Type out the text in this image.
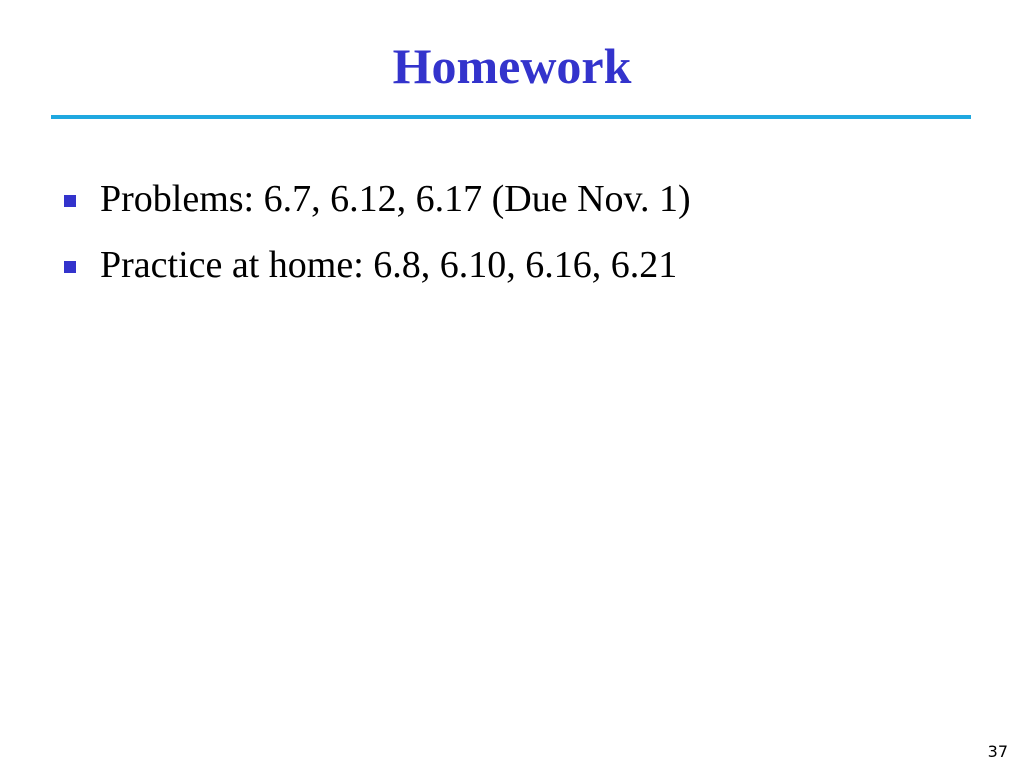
Homework
Problems: 6.7, 6.12, 6.17 (Due Nov. 1)
Practice at home: 6.8, 6.10, 6.16, 6.21
37
